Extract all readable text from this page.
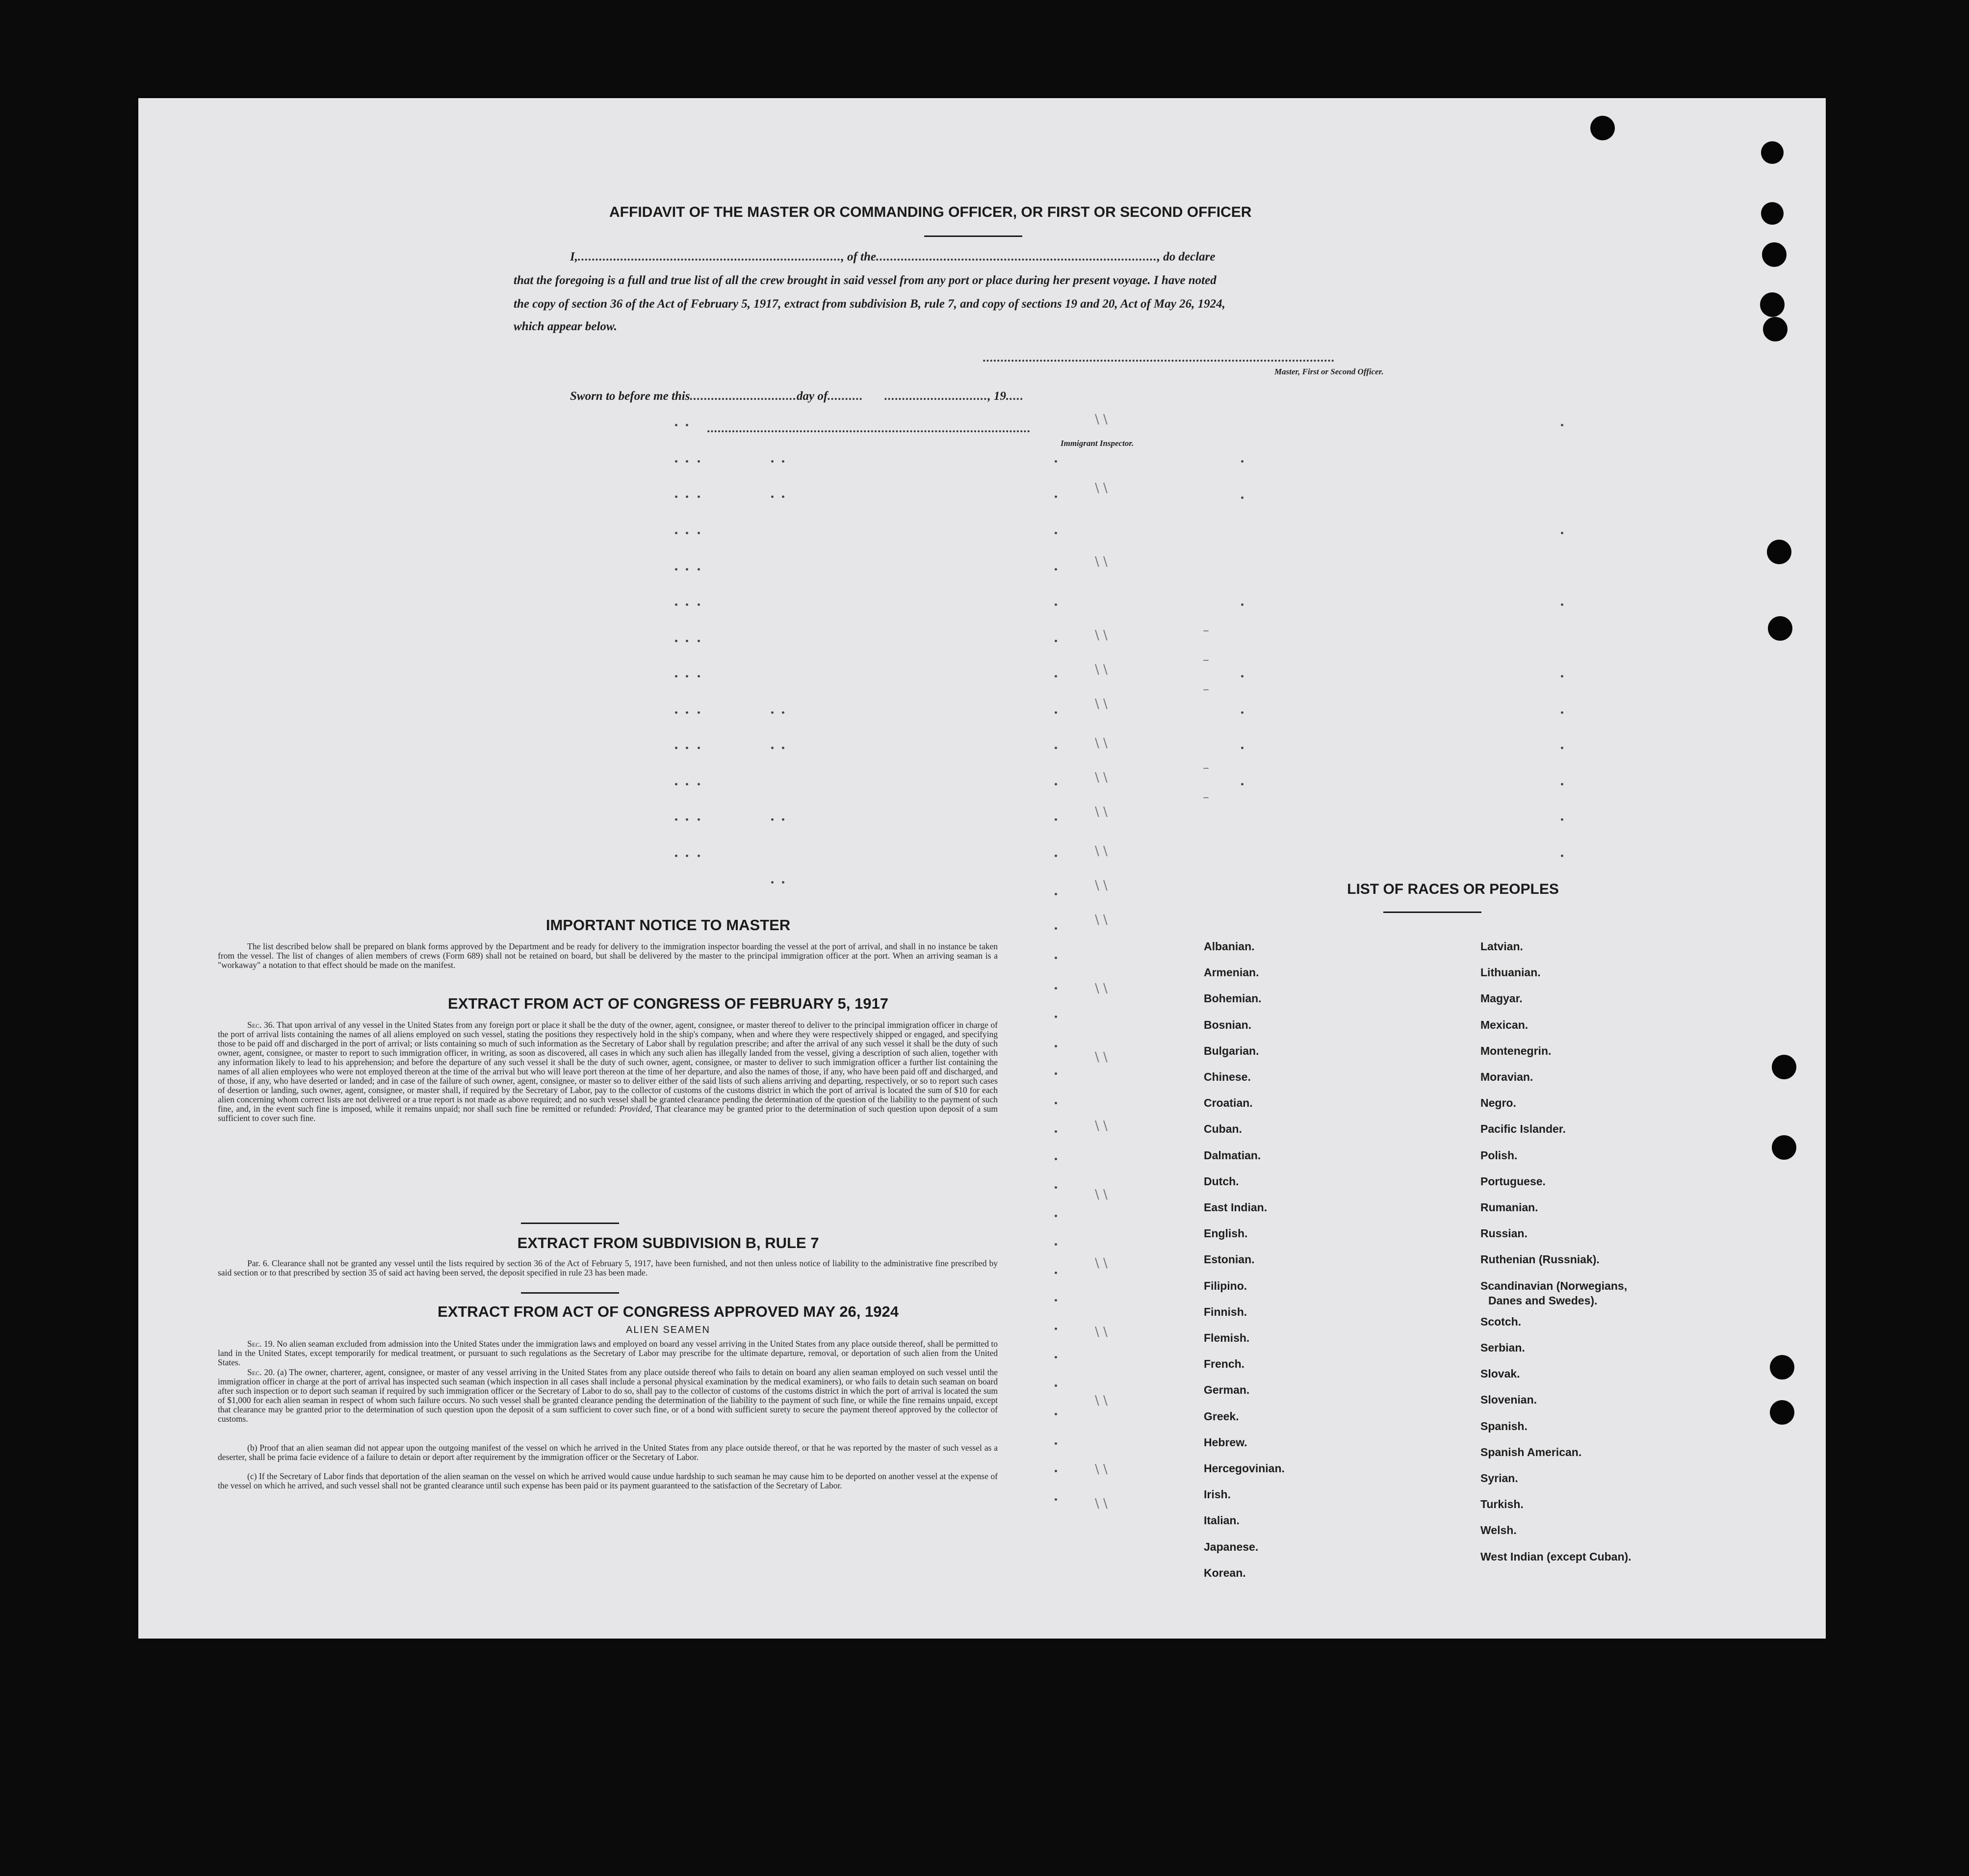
AFFIDAVIT OF THE MASTER OR COMMANDING OFFICER, OR FIRST OR SECOND OFFICER
I,.........................................................................., of the..............................................................................., do declare
that the foregoing is a full and true list of all the crew brought in said vessel from any port or place during her present voyage. I have noted
the copy of section 36 of the Act of February 5, 1917, extract from subdivision B, rule 7, and copy of sections 19 and 20, Act of May 26, 1924,
which appear below.
...................................................................................................
Master, First or Second Officer.
Sworn to before me this..............................day of..........      ............................., 19.....
...........................................................................................
Immigrant Inspector.
\ \
\ \
\ \
\ \
\ \
\ \
\ \
\ \
\ \
\ \
\ \
\ \
\ \
\ \
\ \
\ \
\ \
\ \
\ \
\ \
\ \
–
–
–
–
–
IMPORTANT NOTICE TO MASTER
The list described below shall be prepared on blank forms approved by the Department and be ready for delivery to the immigration inspector boarding the vessel at the port of arrival, and shall in no instance be taken from the vessel. The list of changes of alien members of crews (Form 689) shall not be retained on board, but shall be delivered by the master to the principal immigration officer at the port. When an arriving seaman is a "workaway" a notation to that effect should be made on the manifest.
EXTRACT FROM ACT OF CONGRESS OF FEBRUARY 5, 1917
Sec. 36. That upon arrival of any vessel in the United States from any foreign port or place it shall be the duty of the owner, agent, consignee, or master thereof to deliver to the principal immigration officer in charge of the port of arrival lists containing the names of all aliens employed on such vessel, stating the positions they respectively hold in the ship's company, when and where they were respectively shipped or engaged, and specifying those to be paid off and discharged in the port of arrival; or lists containing so much of such information as the Secretary of Labor shall by regulation prescribe; and after the arrival of any such vessel it shall be the duty of such owner, agent, consignee, or master to report to such immigration officer, in writing, as soon as discovered, all cases in which any such alien has illegally landed from the vessel, giving a description of such alien, together with any information likely to lead to his apprehension; and before the departure of any such vessel it shall be the duty of such owner, agent, consignee, or master to deliver to such immigration officer a further list containing the names of all alien employees who were not employed thereon at the time of the arrival but who will leave port thereon at the time of her departure, and also the names of those, if any, who have been paid off and discharged, and of those, if any, who have deserted or landed; and in case of the failure of such owner, agent, consignee, or master so to deliver either of the said lists of such aliens arriving and departing, respectively, or so to report such cases of desertion or landing, such owner, agent, consignee, or master shall, if required by the Secretary of Labor, pay to the collector of customs of the customs district in which the port of arrival is located the sum of $10 for each alien concerning whom correct lists are not delivered or a true report is not made as above required; and no such vessel shall be granted clearance pending the determination of the question of the liability to the payment of such fine, and, in the event such fine is imposed, while it remains unpaid; nor shall such fine be remitted or refunded: Provided, That clearance may be granted prior to the determination of such question upon deposit of a sum sufficient to cover such fine.
EXTRACT FROM SUBDIVISION B, RULE 7
Par. 6. Clearance shall not be granted any vessel until the lists required by section 36 of the Act of February 5, 1917, have been furnished, and not then unless notice of liability to the administrative fine prescribed by said section or to that prescribed by section 35 of said act having been served, the deposit specified in rule 23 has been made.
EXTRACT FROM ACT OF CONGRESS APPROVED MAY 26, 1924
ALIEN SEAMEN
Sec. 19. No alien seaman excluded from admission into the United States under the immigration laws and employed on board any vessel arriving in the United States from any place outside thereof, shall be permitted to land in the United States, except temporarily for medical treatment, or pursuant to such regulations as the Secretary of Labor may prescribe for the ultimate departure, removal, or deportation of such alien from the United States.
Sec. 20. (a) The owner, charterer, agent, consignee, or master of any vessel arriving in the United States from any place outside thereof who fails to detain on board any alien seaman employed on such vessel until the immigration officer in charge at the port of arrival has inspected such seaman (which inspection in all cases shall include a personal physical examination by the medical examiners), or who fails to detain such seaman on board after such inspection or to deport such seaman if required by such immigration officer or the Secretary of Labor to do so, shall pay to the collector of customs of the customs district in which the port of arrival is located the sum of $1,000 for each alien seaman in respect of whom such failure occurs. No such vessel shall be granted clearance pending the determination of the liability to the payment of such fine, or while the fine remains unpaid, except that clearance may be granted prior to the determination of such question upon the deposit of a sum sufficient to cover such fine, or of a bond with sufficient surety to secure the payment thereof approved by the collector of customs.
(b) Proof that an alien seaman did not appear upon the outgoing manifest of the vessel on which he arrived in the United States from any place outside thereof, or that he was reported by the master of such vessel as a deserter, shall be prima facie evidence of a failure to detain or deport after requirement by the immigration officer or the Secretary of Labor.
(c) If the Secretary of Labor finds that deportation of the alien seaman on the vessel on which he arrived would cause undue hardship to such seaman he may cause him to be deported on another vessel at the expense of the vessel on which he arrived, and such vessel shall not be granted clearance until such expense has been paid or its payment guaranteed to the satisfaction of the Secretary of Labor.
LIST OF RACES OR PEOPLES
Albanian.
Armenian.
Bohemian.
Bosnian.
Bulgarian.
Chinese.
Croatian.
Cuban.
Dalmatian.
Dutch.
East Indian.
English.
Estonian.
Filipino.
Finnish.
Flemish.
French.
German.
Greek.
Hebrew.
Hercegovinian.
Irish.
Italian.
Japanese.
Korean.
Latvian.
Lithuanian.
Magyar.
Mexican.
Montenegrin.
Moravian.
Negro.
Pacific Islander.
Polish.
Portuguese.
Rumanian.
Russian.
Ruthenian (Russniak).
Scandinavian (Norwegians,
Danes and Swedes).
Scotch.
Serbian.
Slovak.
Slovenian.
Spanish.
Spanish American.
Syrian.
Turkish.
Welsh.
West Indian (except Cuban).
